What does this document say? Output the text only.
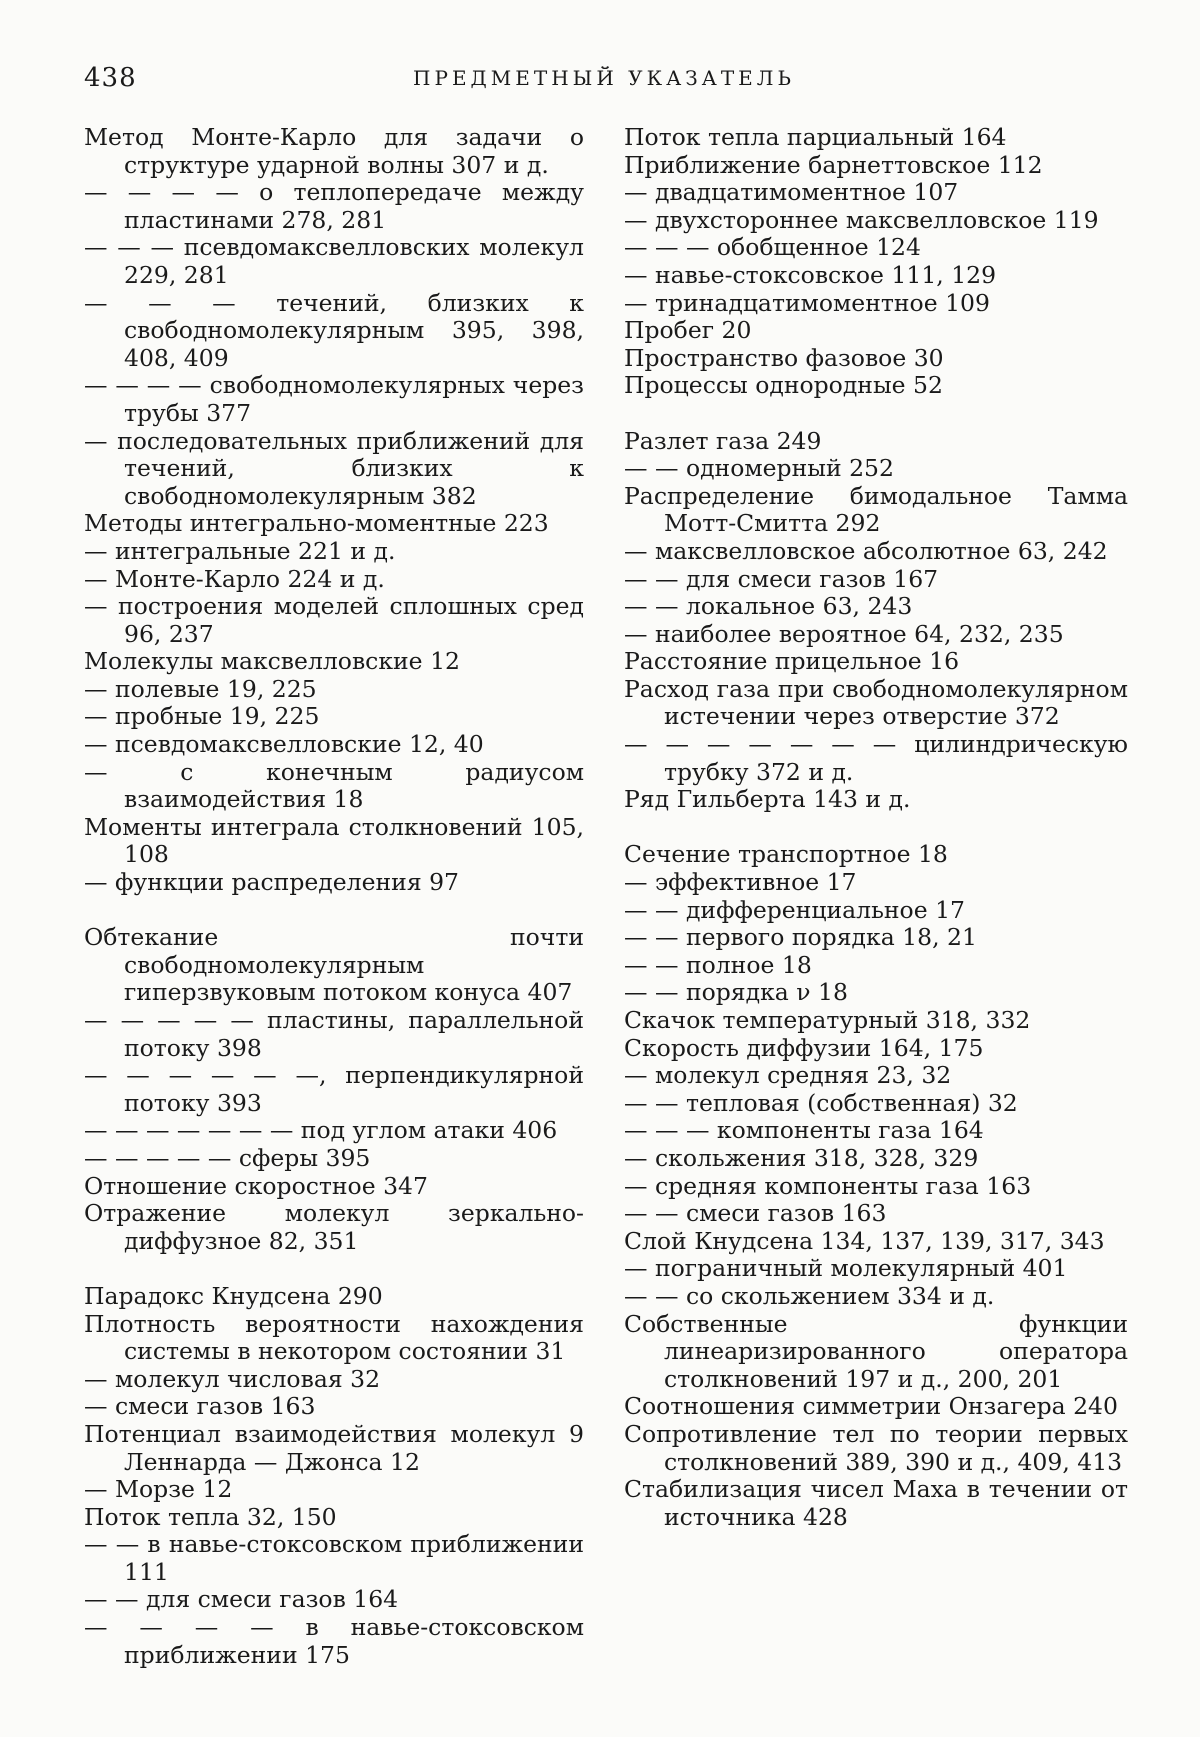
438	ПРЕДМЕТНЫЙ УКАЗАТЕЛЬ

Метод Монте-Карло для задачи о структуре ударной волны 307 и д.

— — — — о теплопередаче между пластинами 278, 281

— — — псевдомаксвелловских молекул 229, 281

— — — течений, близких к свободномолекулярным 395, 398, 408, 409

— — — — свободномолекулярных через трубы 377

— последовательных приближений для течений, близких к свободномолекулярным 382

Методы интегрально-моментные 223

— интегральные 221 и д.

— Монте-Карло 224 и д.

— построения моделей сплошных сред 96, 237

Молекулы максвелловские 12

— полевые 19, 225

— пробные 19, 225

— псевдомаксвелловские 12, 40

— с конечным радиусом взаимодействия 18

Моменты интеграла столкновений 105, 108

— функции распределения 97

Обтекание почти свободномолекулярным гиперзвуковым потоком конуса 407

— — — — — пластины, параллельной потоку 398

— — — — — —, перпендикулярной потоку 393

— — — — — — — под углом атаки 406

— — — — — сферы 395

Отношение скоростное 347

Отражение молекул зеркально-диффузное 82, 351

Парадокс Кнудсена 290

Плотность вероятности нахождения системы в некотором состоянии 31

— молекул числовая 32

— смеси газов 163

Потенциал взаимодействия молекул 9 Леннарда — Джонса 12

— Морзе 12

Поток тепла 32, 150

— — в навье-стоксовском приближении 111

— — для смеси газов 164

— — — — в навье-стоксовском приближении 175

Поток тепла парциальный 164

Приближение барнеттовское 112

— двадцатимоментное 107

— двухстороннее максвелловское 119

— — — обобщенное 124

— навье-стоксовское 111, 129

— тринадцатимоментное 109

Пробег 20

Пространство фазовое 30

Процессы однородные 52

Разлет газа 249

— — одномерный 252

Распределение бимодальное Тамма Мотт-Смитта 292

— максвелловское абсолютное 63, 242

— — для смеси газов 167

— — локальное 63, 243

— наиболее вероятное 64, 232, 235

Расстояние прицельное 16

Расход газа при свободномолекулярном истечении через отверстие 372

— — — — — — — цилиндрическую трубку 372 и д.

Ряд Гильберта 143 и д.

Сечение транспортное 18

— эффективное 17

— — дифференциальное 17

— — первого порядка 18, 21

— — полное 18

— — порядка ν 18

Скачок температурный 318, 332

Скорость диффузии 164, 175

— молекул средняя 23, 32

— — тепловая (собственная) 32

— — — компоненты газа 164

— скольжения 318, 328, 329

— средняя компоненты газа 163

— — смеси газов 163

Слой Кнудсена 134, 137, 139, 317, 343

— пограничный молекулярный 401

— — со скольжением 334 и д.

Собственные функции линеаризированного оператора столкновений 197 и д., 200, 201

Соотношения симметрии Онзагера 240

Сопротивление тел по теории первых столкновений 389, 390 и д., 409, 413

Стабилизация чисел Маха в течении от источника 428
